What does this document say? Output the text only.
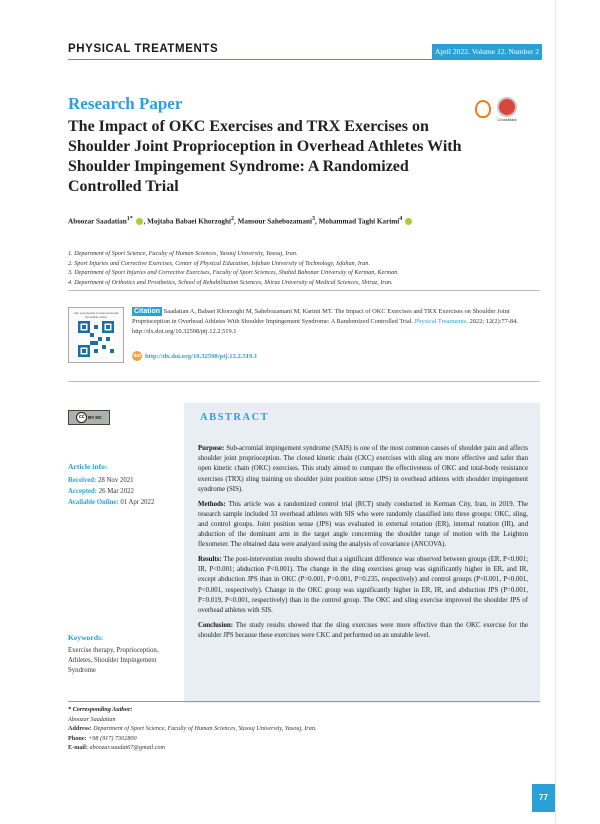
PHYSICAL TREATMENTS	April 2022. Volume 12. Number 2
Research Paper
The Impact of OKC Exercises and TRX Exercises on Shoulder Joint Proprioception in Overhead Athletes With Shoulder Impingement Syndrome: A Randomized Controlled Trial
CrossMark
Aboozar Saadatian$^{1*}$ , Mojtaba Babaei Khorzoghi$^2$, Mansour Sahebozamani$^3$, Mohammad Taghi Karimi$^4$
1. Department of Sport Science, Faculty of Human Sciences, Yasouj University, Yasouj, Iran.
2. Sport Injuries and Corrective Exercises, Center of Physical Education, Isfahan University of Technology, Isfahan, Iran.
3. Department of Sport Injuries and Corrective Exercises, Faculty of Sport Sciences, Shahid Bahonar University of Kerman, Kerman.
4. Department of Orthotics and Prosthetics, School of Rehabilitation Sciences, Shiraz University of Medical Sciences, Shiraz, Iran.
Use your device to scan and read the article online
Citation Saadatian A, Babaei Khorzoghi M, Sahebozamani M, Karimi MT. The Impact of OKC Exercises and TRX Exercises on Shoulder Joint Proprioception in Overhead Athletes With Shoulder Impingement Syndrome: A Randomized Controlled Trial. Physical Treatments. 2022; 12(2):77-84. http://dx.doi.org/10.32598/ptj.12.2.519.1
doi http://dx.doi.org/10.32598/ptj.12.2.519.1
cc BY NC
Article info:
Received: 28 Nov 2021
Accepted: 26 Mar 2022
Available Online: 01 Apr 2022
Keywords:
Exercise therapy, Proprioception, Athletes, Shoulder Impingement Syndrome
ABSTRACT

Purpose: Sub-acromial impingement syndrome (SAIS) is one of the most common causes of shoulder pain and affects shoulder joint proprioception. The closed kinetic chain (CKC) exercises with sling are more effective and safer than open kinetic chain (OKC) exercises. This study aimed to compare the effectiveness of OKC and total-body resistance exercises (TRX) sling training on shoulder joint position sense (JPS) in overhead athletes with shoulder impingement syndrome (SIS).

Methods: This article was a randomized control trial (RCT) study conducted in Kerman City, Iran, in 2019. The research sample included 33 overhead athletes with SIS who were randomly classified into three groups: OKC, sling, and control groups. Joint position sense (JPS) was evaluated in external rotation (ER), internal rotation (IR), and abduction of the dominant arm in the target angle concerning the shoulder range of motion with the Leighton flexometer. The obtained data were analyzed using the analysis of covariance (ANCOVA).

Results: The post-intervention results showed that a significant difference was observed between groups (ER, P<0.001; IR, P<0.001; abduction P<0.001). The change in the sling exercises group was significantly higher in ER, and IR, except abduction JPS than in OKC (P=0.001, P=0.001, P=0.235, respectively) and control groups (P<0.001, P<0.001, P<0.001, respectively). Change in the OKC group was significantly higher in ER, IR, and abduction JPS (P=0.001, P=0.019, P<0.001, respectively) than in the control group. The OKC and sling exercise improved the shoulder JPS of overhead athletes with SIS.

Conclusion: The study results showed that the sling exercises were more effective than the OKC exercise for the shoulder JPS because these exercises were CKC and performed on an unstable level.

* Corresponding Author:
Aboozar Saadatian
Address: Department of Sport Science, Faculty of Human Sciences, Yasouj University, Yasouj, Iran.
Phone: +98 (917) 7302800
E-mail: aboozar.saadat67@gmail.com
77
